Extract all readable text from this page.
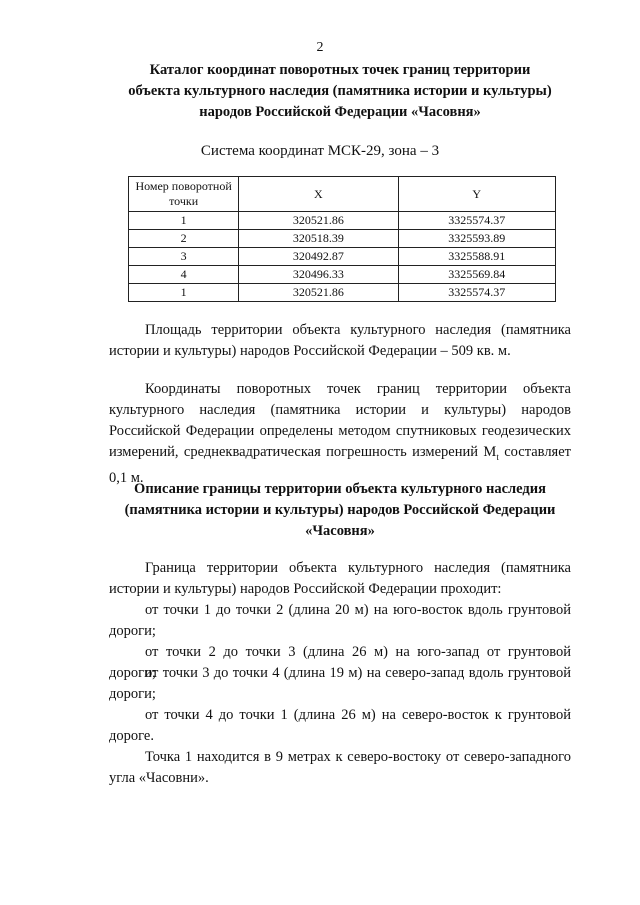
2
Каталог координат поворотных точек границ территории
объекта культурного наследия (памятника истории и культуры)
народов Российской Федерации «Часовня»
Система координат МСК-29, зона – 3
Номер поворотной точки	X	Y
1	320521.86	3325574.37
2	320518.39	3325593.89
3	320492.87	3325588.91
4	320496.33	3325569.84
1	320521.86	3325574.37
Площадь территории объекта культурного наследия (памятника истории и культуры) народов Российской Федерации – 509 кв. м.
Координаты поворотных точек границ территории объекта культурного наследия (памятника истории и культуры) народов Российской Федерации определены методом спутниковых геодезических измерений, среднеквадратическая погрешность измерений $M_t$ составляет 0,1 м.
Описание границы территории объекта культурного наследия
(памятника истории и культуры) народов Российской Федерации
«Часовня»
Граница территории объекта культурного наследия (памятника истории и культуры) народов Российской Федерации проходит:
от точки 1 до точки 2 (длина 20 м) на юго-восток вдоль грунтовой дороги;
от точки 2 до точки 3 (длина 26 м) на юго-запад от грунтовой дороги;
от точки 3 до точки 4 (длина 19 м) на северо-запад вдоль грунтовой дороги;
от точки 4 до точки 1 (длина 26 м) на северо-восток к грунтовой дороге.
Точка 1 находится в 9 метрах к северо-востоку от северо-западного угла «Часовни».
